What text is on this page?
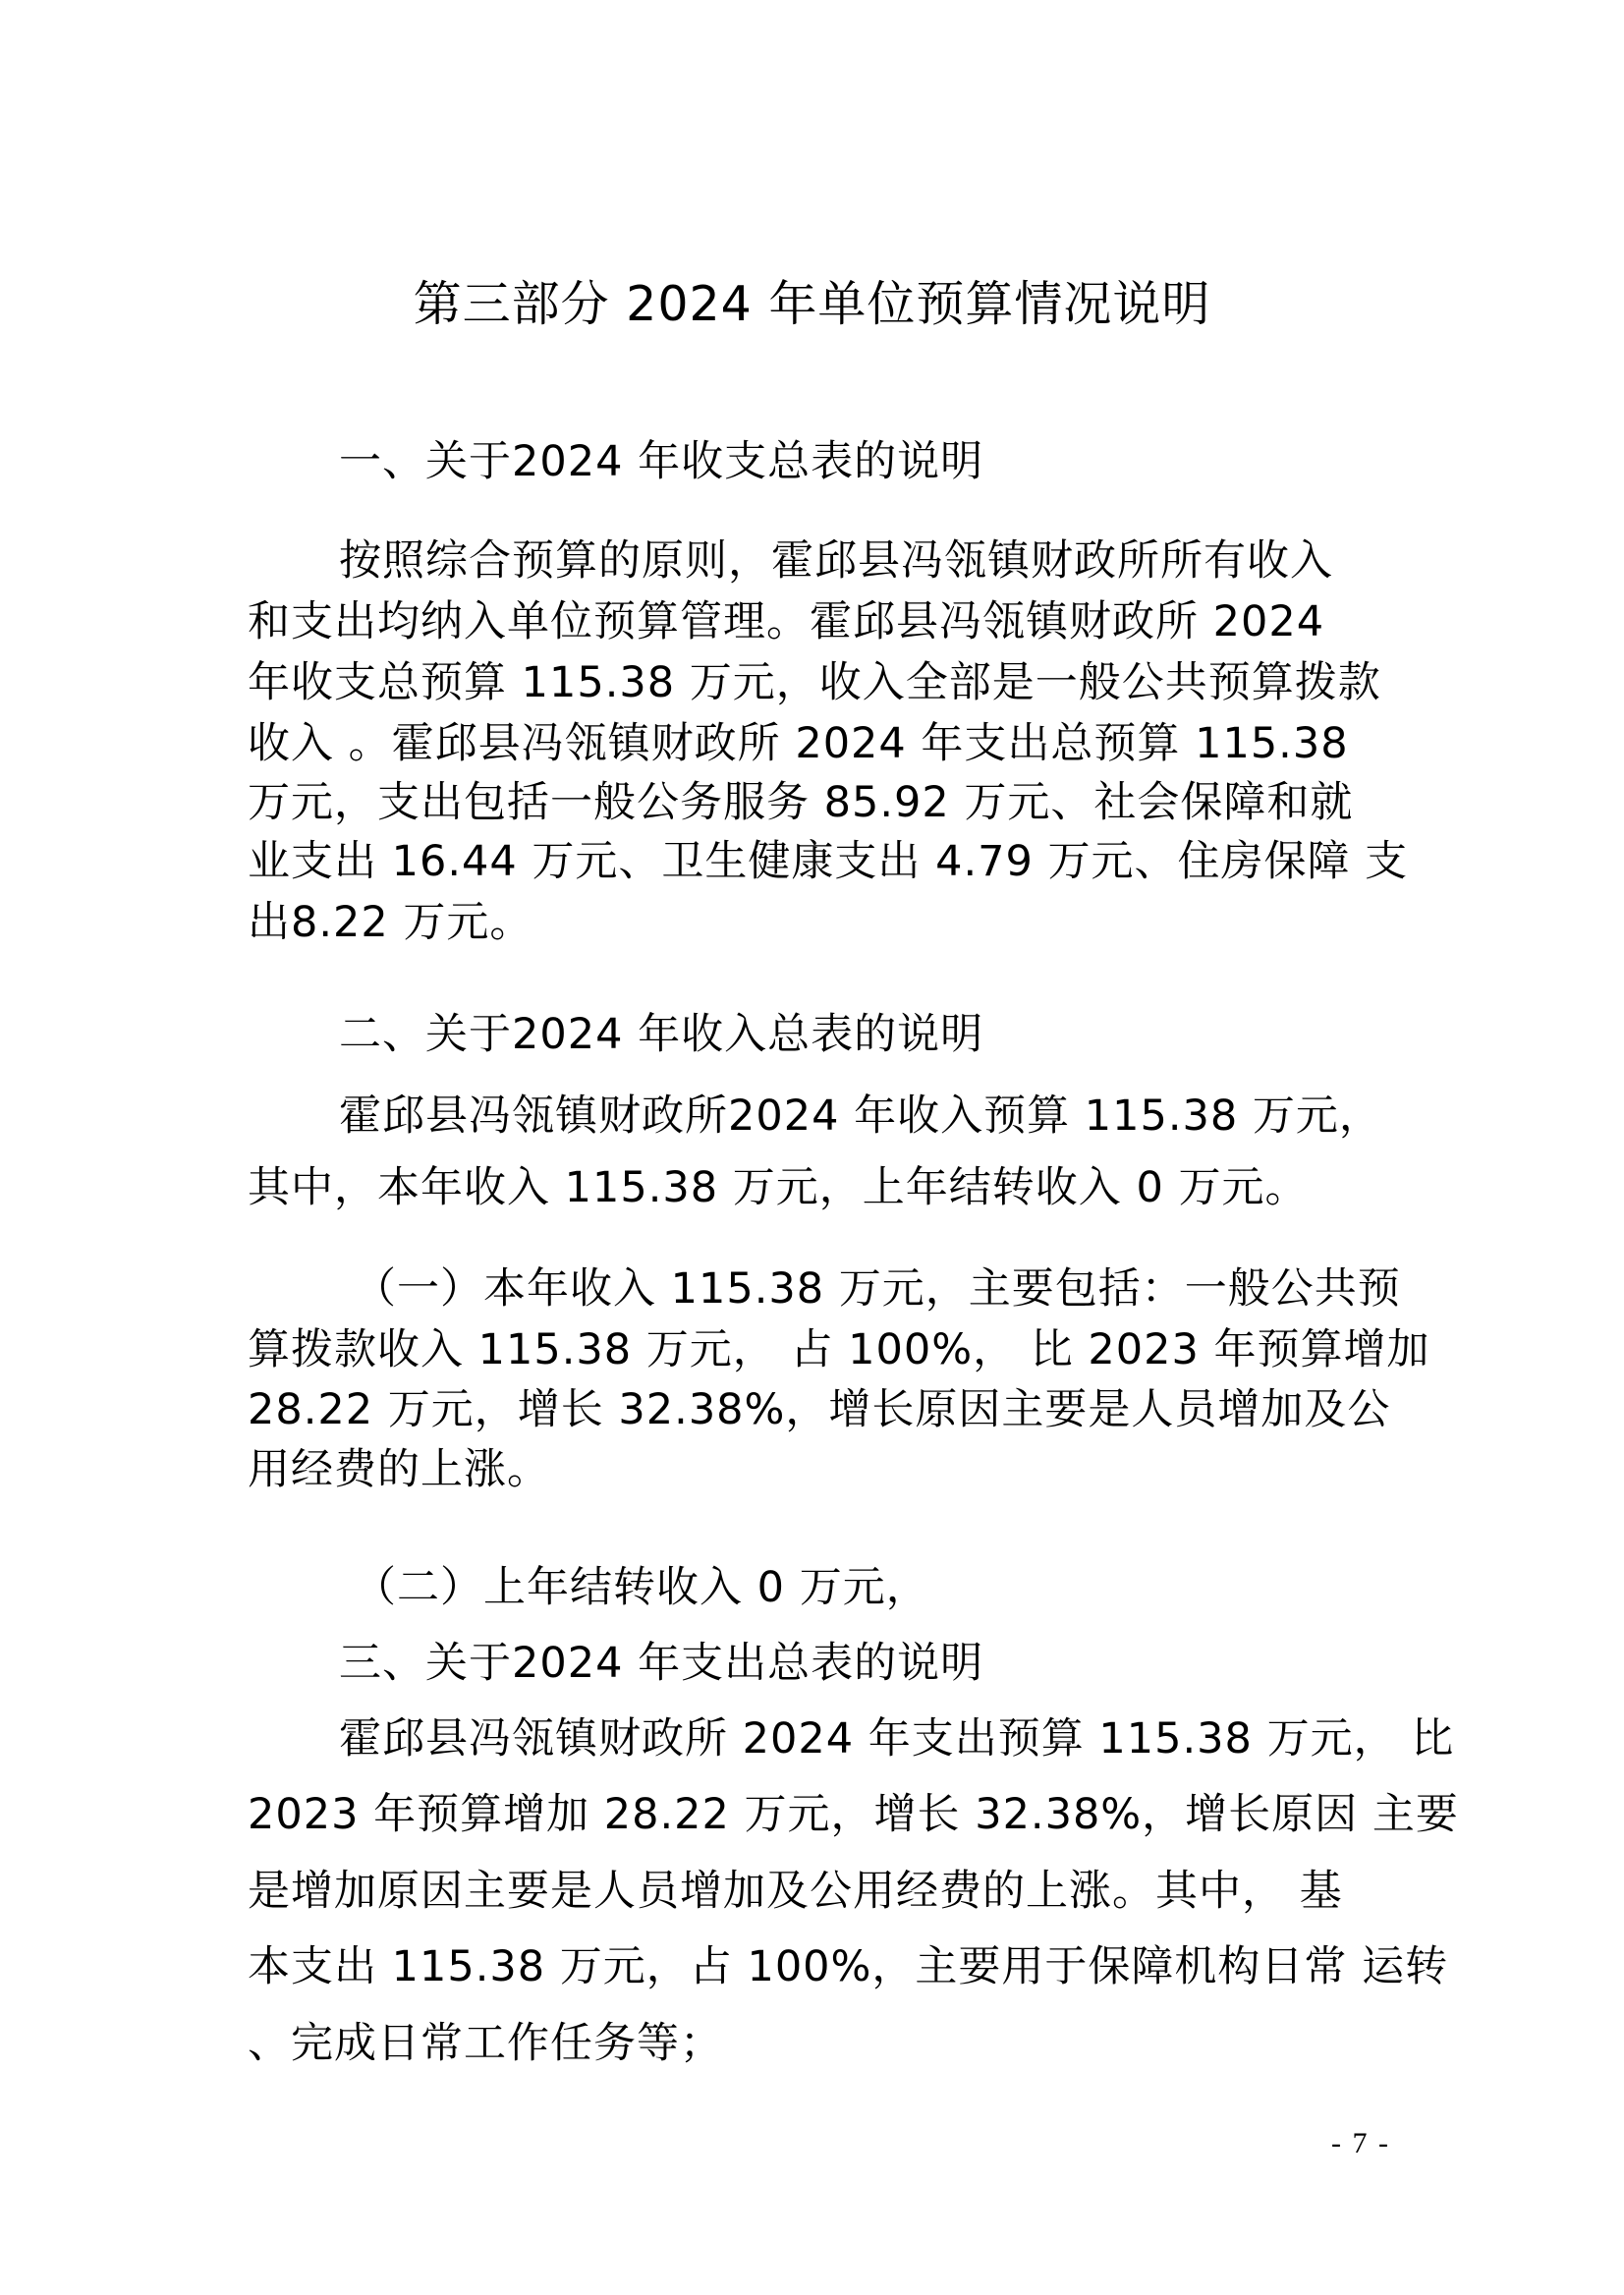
第三部分 2024 年单位预算情况说明
一、关于2024 年收支总表的说明
按照综合预算的原则，霍邱县冯瓴镇财政所所有收入
和支出均纳入单位预算管理。霍邱县冯瓴镇财政所 2024
年收支总预算 115.38 万元，收入全部是一般公共预算拨款
收入 。霍邱县冯瓴镇财政所 2024 年支出总预算 115.38
万元，支出包括一般公务服务 85.92 万元、社会保障和就
业支出 16.44 万元、卫生健康支出 4.79 万元、住房保障 支
出8.22 万元。
二、关于2024 年收入总表的说明
霍邱县冯瓴镇财政所2024 年收入预算 115.38 万元，
其中，本年收入 115.38 万元，上年结转收入 0 万元。
（一）本年收入 115.38 万元，主要包括：一般公共预
算拨款收入 115.38 万元， 占 100%， 比 2023 年预算增加
28.22 万元，增长 32.38%，增长原因主要是人员增加及公
用经费的上涨。
（二）上年结转收入 0 万元，
三、关于2024 年支出总表的说明
霍邱县冯瓴镇财政所 2024 年支出预算 115.38 万元， 比
2023 年预算增加 28.22 万元，增长 32.38%，增长原因 主要
是增加原因主要是人员增加及公用经费的上涨。其中， 基
本支出 115.38 万元，占 100%，主要用于保障机构日常 运转
、完成日常工作任务等；
- 7 -
